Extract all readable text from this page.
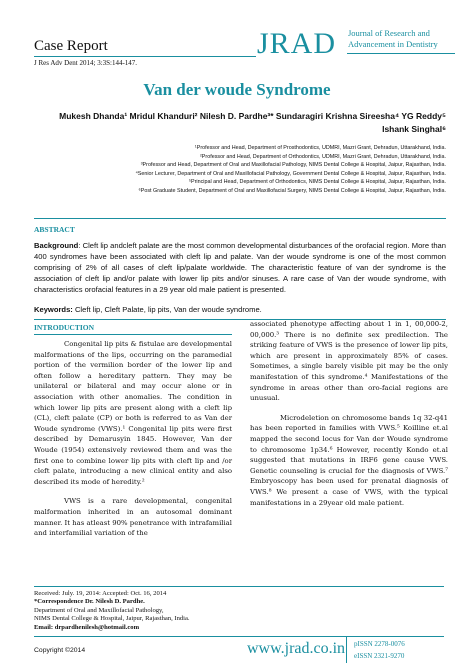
Case Report
J Res Adv Dent 2014; 3:3S:144-147.
JRAD Journal of Research and
Advancement in Dentistry
Van der woude Syndrome
Mukesh Dhanda¹ Mridul Khanduri² Nilesh D. Pardhe³* Sundaragiri Krishna Sireesha⁴ YG Reddy⁵
Ishank Singhal⁶
¹Professor and Head, Department of Prosthodontics, UDMRI, Mazri Grant, Dehradun, Uttarakhand, India.
²Professor and Head, Department of Orthodontics, UDMRI, Mazri Grant, Dehradun, Uttarakhand, India.
³Professor and Head, Department of Oral and Maxillofacial Pathology, NIMS Dental College & Hospital, Jaipur, Rajasthan, India.
⁴Senior Lecturer, Department of Oral and Maxillofacial Pathology, Government Dental College & Hospital, Jaipur, Rajasthan, India.
⁵Principal and Head, Department of Orthodontics, NIMS Dental College & Hospital, Jaipur, Rajasthan, India.
⁶Post Graduate Student, Department of Oral and Maxillofacial Surgery, NIMS Dental College & Hospital, Jaipur, Rajasthan, India.
ABSTRACT
Background: Cleft lip andcleft palate are the most common developmental disturbances of the orofacial region. More than 400 syndromes have been associated with cleft lip and palate. Van der woude syndrome is one of the most common comprising of 2% of all cases of cleft lip/palate worldwide. The characteristic feature of van der syndrome is the association of cleft lip and/or palate with lower lip pits and/or sinuses. A rare case of Van der woude syndrome, with characteristics orofacial features in a 29 year old male patient is presented.
Keywords: Cleft lip, Cleft Palate, lip pits, Van der woude syndrome.
INTRODUCTION

Congenital lip pits & fistulae are developmental malformations of the lips, occurring on the paramedial portion of the vermilion border of the lower lip and often follow a hereditary pattern. They may be unilateral or bilateral and may occur alone or in association with other anomalies. The condition in which lower lip pits are present along with a cleft lip (CL), cleft palate (CP) or both is referred to as Van der Woude syndrome (VWS).¹ Congenital lip pits were first described by Demarusyin 1845. However, Van der Woude (1954) extensively reviewed them and was the first one to combine lower lip pits with cleft lip and /or cleft palate, introducing a new clinical entity and also described its mode of heredity.²

VWS is a rare developmental, congenital malformation inherited in an autosomal dominant manner. It has atleast 90% penetrance with intrafamilial and interfamilial variation of the

associated phenotype affecting about 1 in 1, 00,000-2, 00,000.³ There is no definite sex predilection. The striking feature of VWS is the presence of lower lip pits, which are present in approximately 85% of cases. Sometimes, a single barely visible pit may be the only manifestation of this syndrome.⁴ Manifestations of the syndrome in areas other than oro-facial regions are unusual.

Microdeletion on chromosome bands 1q 32-q41 has been reported in families with VWS.⁵ Koilline et.al mapped the second locus for Van der Woude syndrome to chromosome 1p34.⁶ However, recently Kondo et.al suggested that mutations in IRF6 gene cause VWS. Genetic counseling is crucial for the diagnosis of VWS.⁷ Embryoscopy has been used for prenatal diagnosis of VWS.⁸ We present a case of VWS, with the typical manifestations in a 29year old male patient.

Received: July. 19, 2014: Accepted: Oct. 16, 2014
*Correspondence Dr. Nilesh D. Pardhe.
Department of Oral and Maxillofacial Pathology,
NIMS Dental College & Hospital, Jaipur, Rajasthan, India.
Email: drpardhenilesh@hotmail.com
Copyright ©2014	www.jrad.co.in pISSN 2278-0076
eISSN 2321-9270
